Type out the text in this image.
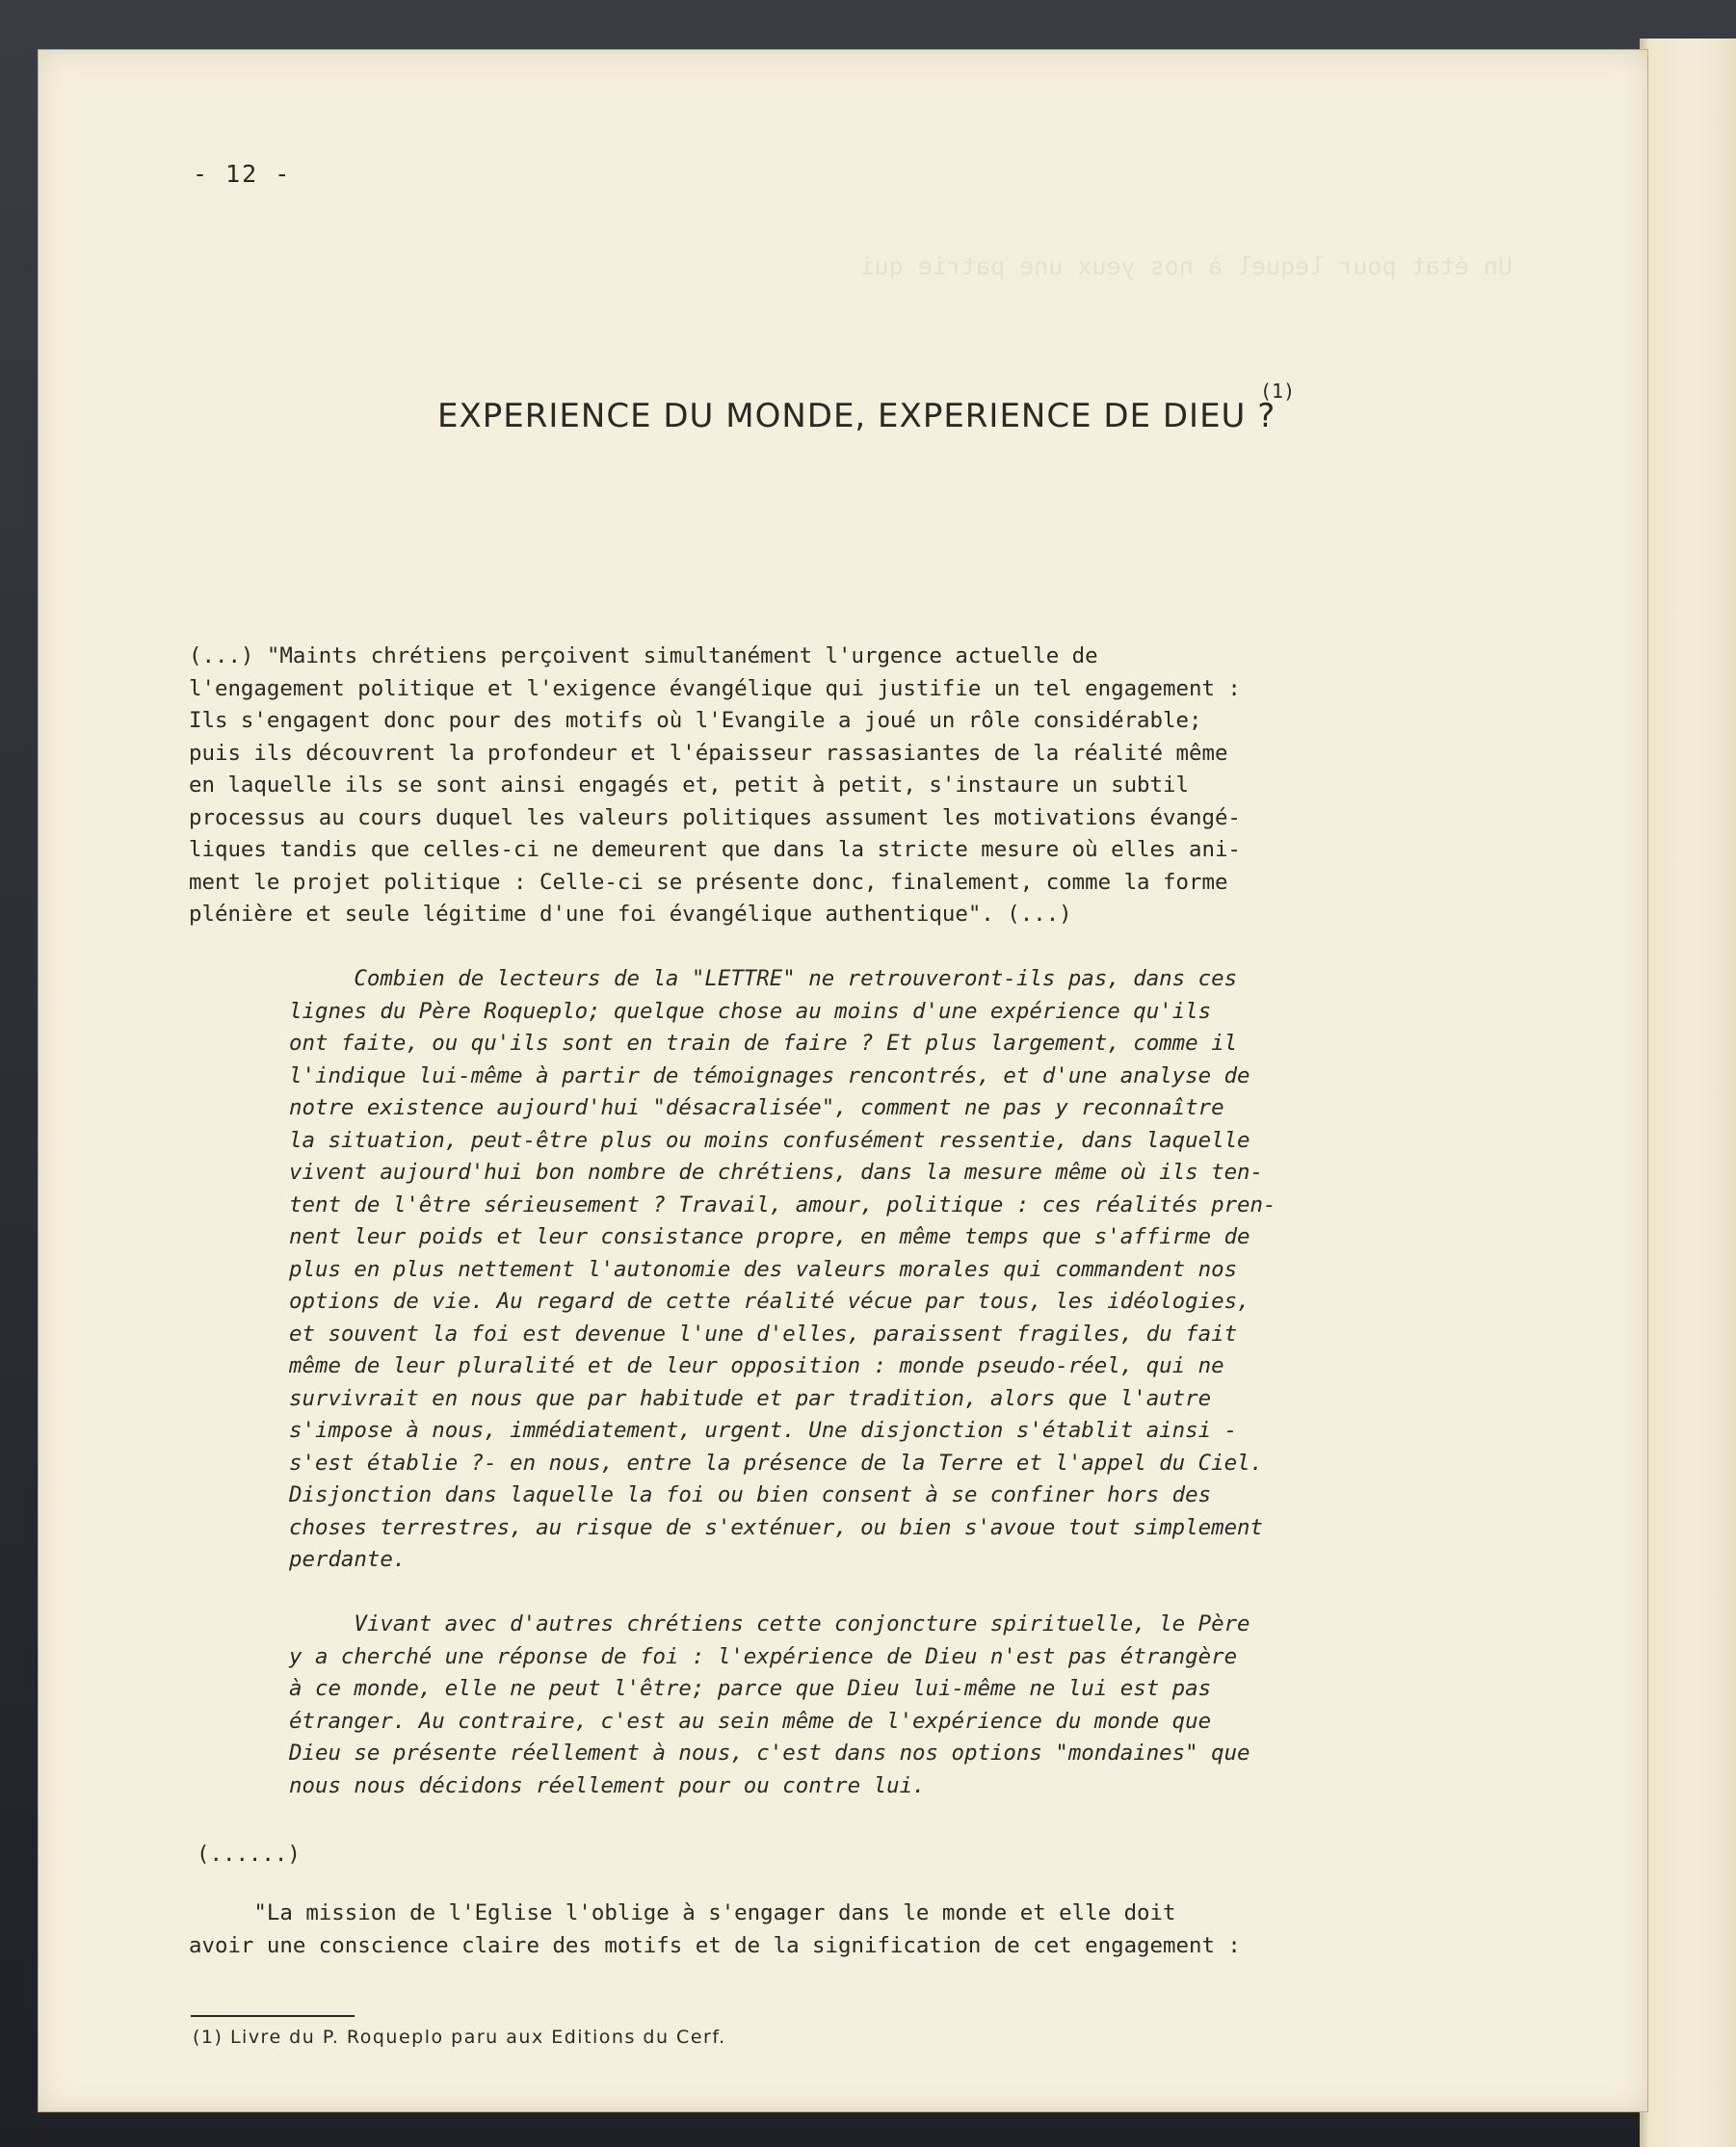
- 12 -
EXPERIENCE DU MONDE, EXPERIENCE DE DIEU ?
(1)
(...) "Maints chrétiens perçoivent simultanément l'urgence actuelle de
l'engagement politique et l'exigence évangélique qui justifie un tel engagement :
Ils s'engagent donc pour des motifs où l'Evangile a joué un rôle considérable;
puis ils découvrent la profondeur et l'épaisseur rassasiantes de la réalité même
en laquelle ils se sont ainsi engagés et, petit à petit, s'instaure un subtil
processus au cours duquel les valeurs politiques assument les motivations évangé-
liques tandis que celles-ci ne demeurent que dans la stricte mesure où elles ani-
ment le projet politique : Celle-ci se présente donc, finalement, comme la forme
plénière et seule légitime d'une foi évangélique authentique". (...)
Combien de lecteurs de la "LETTRE" ne retrouveront-ils pas, dans ces
lignes du Père Roqueplo; quelque chose au moins d'une expérience qu'ils
ont faite, ou qu'ils sont en train de faire ? Et plus largement, comme il
l'indique lui-même à partir de témoignages rencontrés, et d'une analyse de
notre existence aujourd'hui "désacralisée", comment ne pas y reconnaître
la situation, peut-être plus ou moins confusément ressentie, dans laquelle
vivent aujourd'hui bon nombre de chrétiens, dans la mesure même où ils ten-
tent de l'être sérieusement ? Travail, amour, politique : ces réalités pren-
nent leur poids et leur consistance propre, en même temps que s'affirme de
plus en plus nettement l'autonomie des valeurs morales qui commandent nos
options de vie. Au regard de cette réalité vécue par tous, les idéologies,
et souvent la foi est devenue l'une d'elles, paraissent fragiles, du fait
même de leur pluralité et de leur opposition : monde pseudo-réel, qui ne
survivrait en nous que par habitude et par tradition, alors que l'autre
s'impose à nous, immédiatement, urgent. Une disjonction s'établit ainsi -
s'est établie ?- en nous, entre la présence de la Terre et l'appel du Ciel.
Disjonction dans laquelle la foi ou bien consent à se confiner hors des
choses terrestres, au risque de s'exténuer, ou bien s'avoue tout simplement
perdante.
Vivant avec d'autres chrétiens cette conjoncture spirituelle, le Père
y a cherché une réponse de foi : l'expérience de Dieu n'est pas étrangère
à ce monde, elle ne peut l'être; parce que Dieu lui-même ne lui est pas
étranger. Au contraire, c'est au sein même de l'expérience du monde que
Dieu se présente réellement à nous, c'est dans nos options "mondaines" que
nous nous décidons réellement pour ou contre lui.
(......)
"La mission de l'Eglise l'oblige à s'engager dans le monde et elle doit
avoir une conscience claire des motifs et de la signification de cet engagement :
(1) Livre du P. Roqueplo paru aux Editions du Cerf.
